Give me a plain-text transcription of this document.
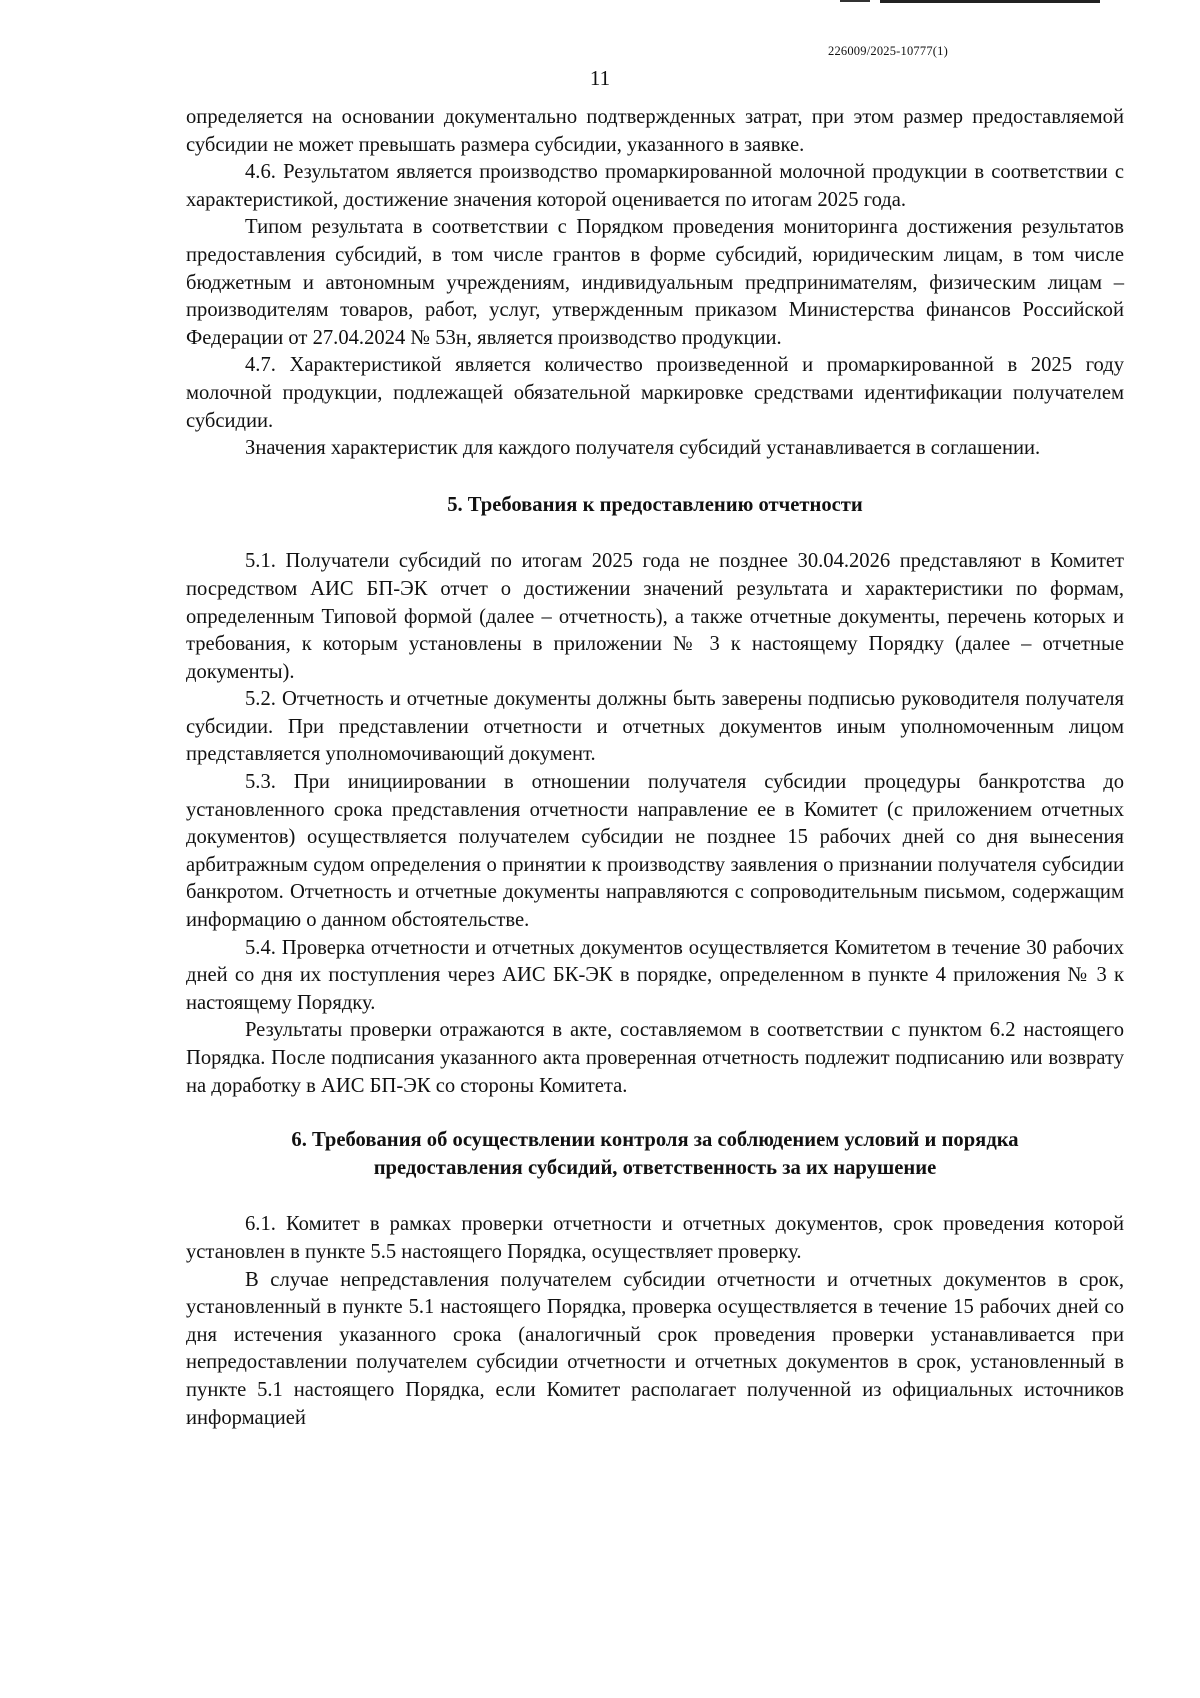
226009/2025-10777(1)
11

определяется на основании документально подтвержденных затрат, при этом размер предоставляемой субсидии не может превышать размера субсидии, указанного в заявке.

4.6. Результатом является производство промаркированной молочной продукции в соответствии с характеристикой, достижение значения которой оценивается по итогам 2025 года.

Типом результата в соответствии с Порядком проведения мониторинга достижения результатов предоставления субсидий, в том числе грантов в форме субсидий, юридическим лицам, в том числе бюджетным и автономным учреждениям, индивидуальным предпринимателям, физическим лицам – производителям товаров, работ, услуг, утвержденным приказом Министерства финансов Российской Федерации от 27.04.2024 № 53н, является производство продукции.

4.7. Характеристикой является количество произведенной и промаркированной в 2025 году молочной продукции, подлежащей обязательной маркировке средствами идентификации получателем субсидии.

Значения характеристик для каждого получателя субсидий устанавливается в соглашении.

5. Требования к предоставлению отчетности

5.1. Получатели субсидий по итогам 2025 года не позднее 30.04.2026 представляют в Комитет посредством АИС БП-ЭК отчет о достижении значений результата и характеристики по формам, определенным Типовой формой (далее – отчетность), а также отчетные документы, перечень которых и требования, к которым установлены в приложении № 3 к настоящему Порядку (далее – отчетные документы).

5.2. Отчетность и отчетные документы должны быть заверены подписью руководителя получателя субсидии. При представлении отчетности и отчетных документов иным уполномоченным лицом представляется уполномочивающий документ.

5.3. При инициировании в отношении получателя субсидии процедуры банкротства до установленного срока представления отчетности направление ее в Комитет (с приложением отчетных документов) осуществляется получателем субсидии не позднее 15 рабочих дней со дня вынесения арбитражным судом определения о принятии к производству заявления о признании получателя субсидии банкротом. Отчетность и отчетные документы направляются с сопроводительным письмом, содержащим информацию о данном обстоятельстве.

5.4. Проверка отчетности и отчетных документов осуществляется Комитетом в течение 30 рабочих дней со дня их поступления через АИС БК-ЭК в порядке, определенном в пункте 4 приложения № 3 к настоящему Порядку.

Результаты проверки отражаются в акте, составляемом в соответствии с пунктом 6.2 настоящего Порядка. После подписания указанного акта проверенная отчетность подлежит подписанию или возврату на доработку в АИС БП-ЭК со стороны Комитета.

6. Требования об осуществлении контроля за соблюдением условий и порядка
предоставления субсидий, ответственность за их нарушение

6.1. Комитет в рамках проверки отчетности и отчетных документов, срок проведения которой установлен в пункте 5.5 настоящего Порядка, осуществляет проверку.

В случае непредставления получателем субсидии отчетности и отчетных документов в срок, установленный в пункте 5.1 настоящего Порядка, проверка осуществляется в течение 15 рабочих дней со дня истечения указанного срока (аналогичный срок проведения проверки устанавливается при непредоставлении получателем субсидии отчетности и отчетных документов в срок, установленный в пункте 5.1 настоящего Порядка, если Комитет располагает полученной из официальных источников информацией
